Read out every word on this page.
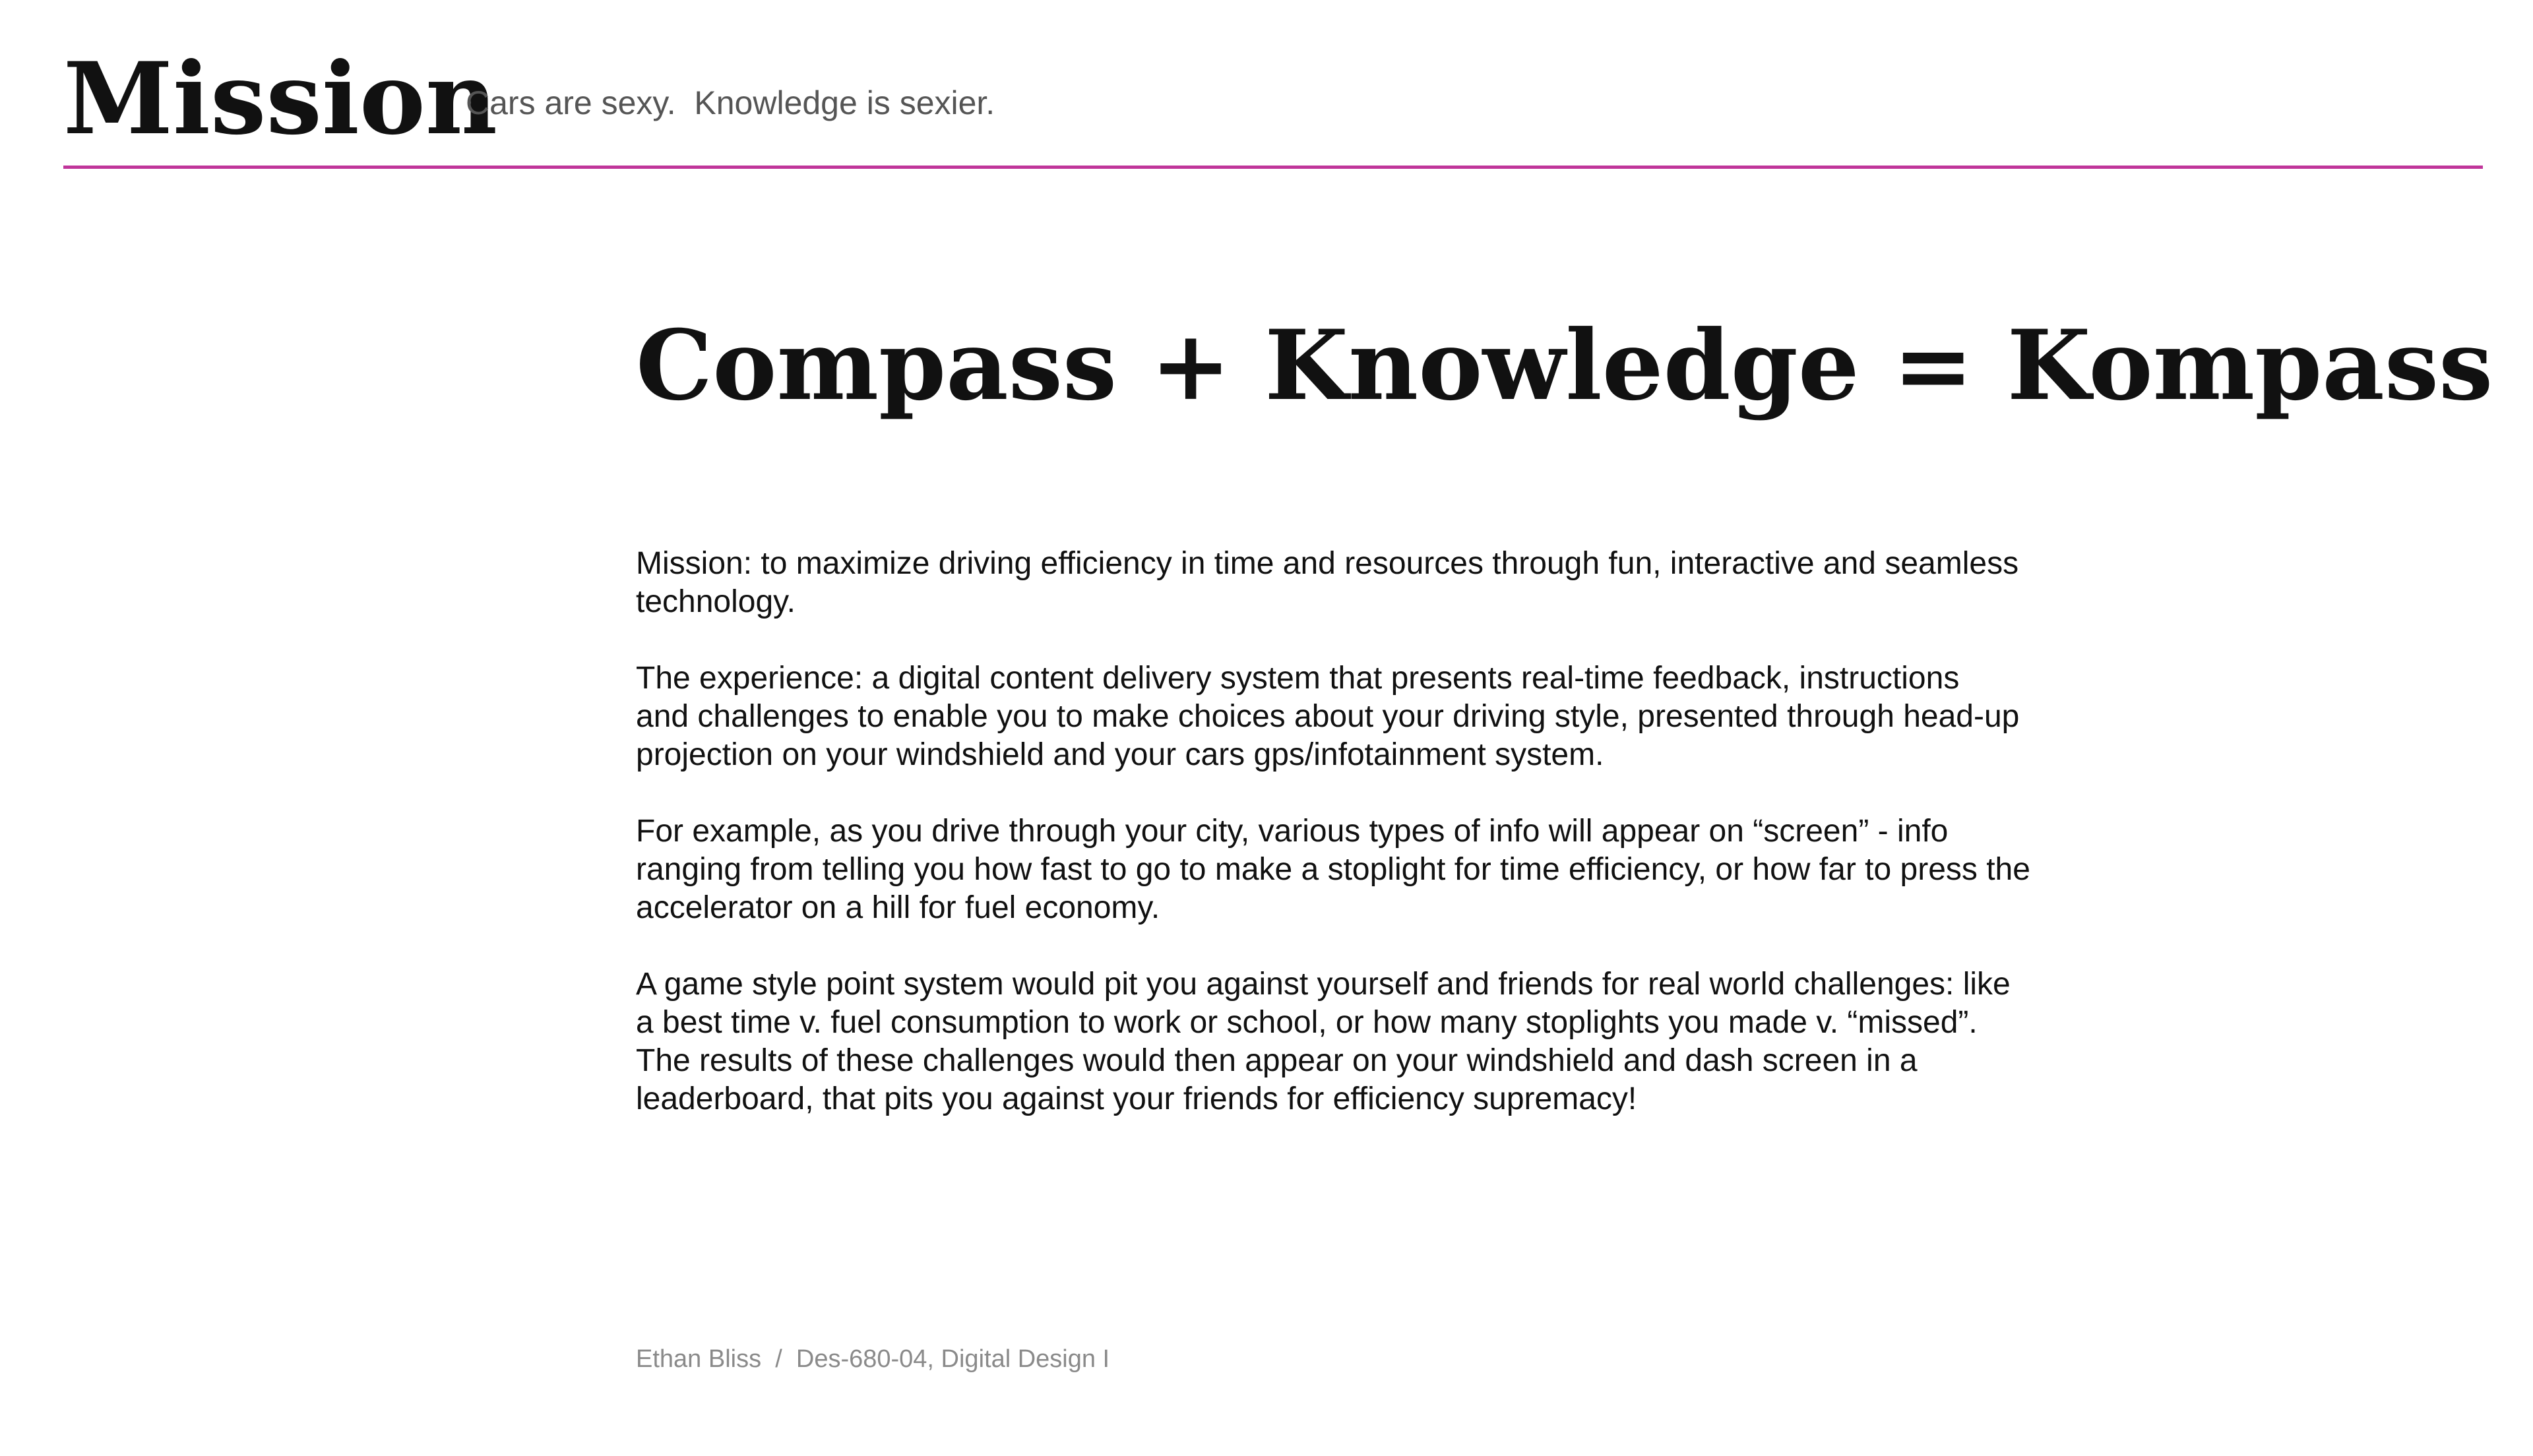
Mission
Cars are sexy.  Knowledge is sexier.
Compass + Knowledge = Kompass

Mission: to maximize driving efficiency in time and resources through fun, interactive and seamless
technology.

The experience: a digital content delivery system that presents real-time feedback, instructions
and challenges to enable you to make choices about your driving style, presented through head-up
projection on your windshield and your cars gps/infotainment system.

For example, as you drive through your city, various types of info will appear on “screen” - info
ranging from telling you how fast to go to make a stoplight for time efficiency, or how far to press the
accelerator on a hill for fuel economy.

A game style point system would pit you against yourself and friends for real world challenges: like
a best time v. fuel consumption to work or school, or how many stoplights you made v. “missed”.
The results of these challenges would then appear on your windshield and dash screen in a
leaderboard, that pits you against your friends for efficiency supremacy!

Ethan Bliss  /  Des-680-04, Digital Design I
